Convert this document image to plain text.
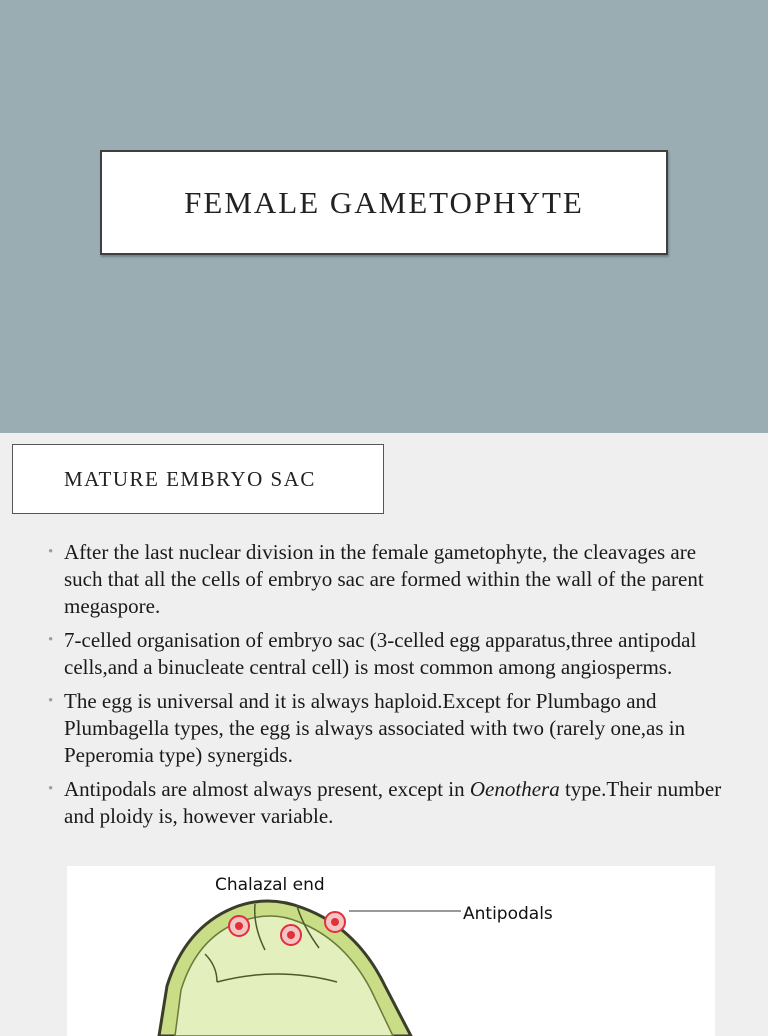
FEMALE GAMETOPHYTE
MATURE EMBRYO SAC
• After the last nuclear division in the female gametophyte, the cleavages are such that all the cells of embryo sac are formed within the wall of the parent megaspore.
• 7-celled organisation of embryo sac (3-celled egg apparatus,three antipodal cells,and a binucleate central cell) is most common among angiosperms.
• The egg is universal and it is always haploid.Except for Plumbago and Plumbagella types, the egg is always associated with two (rarely one,as in Peperomia type) synergids.
• Antipodals are almost always present, except in Oenothera type.Their number and ploidy is, however variable.
Chalazal end
Antipodals
